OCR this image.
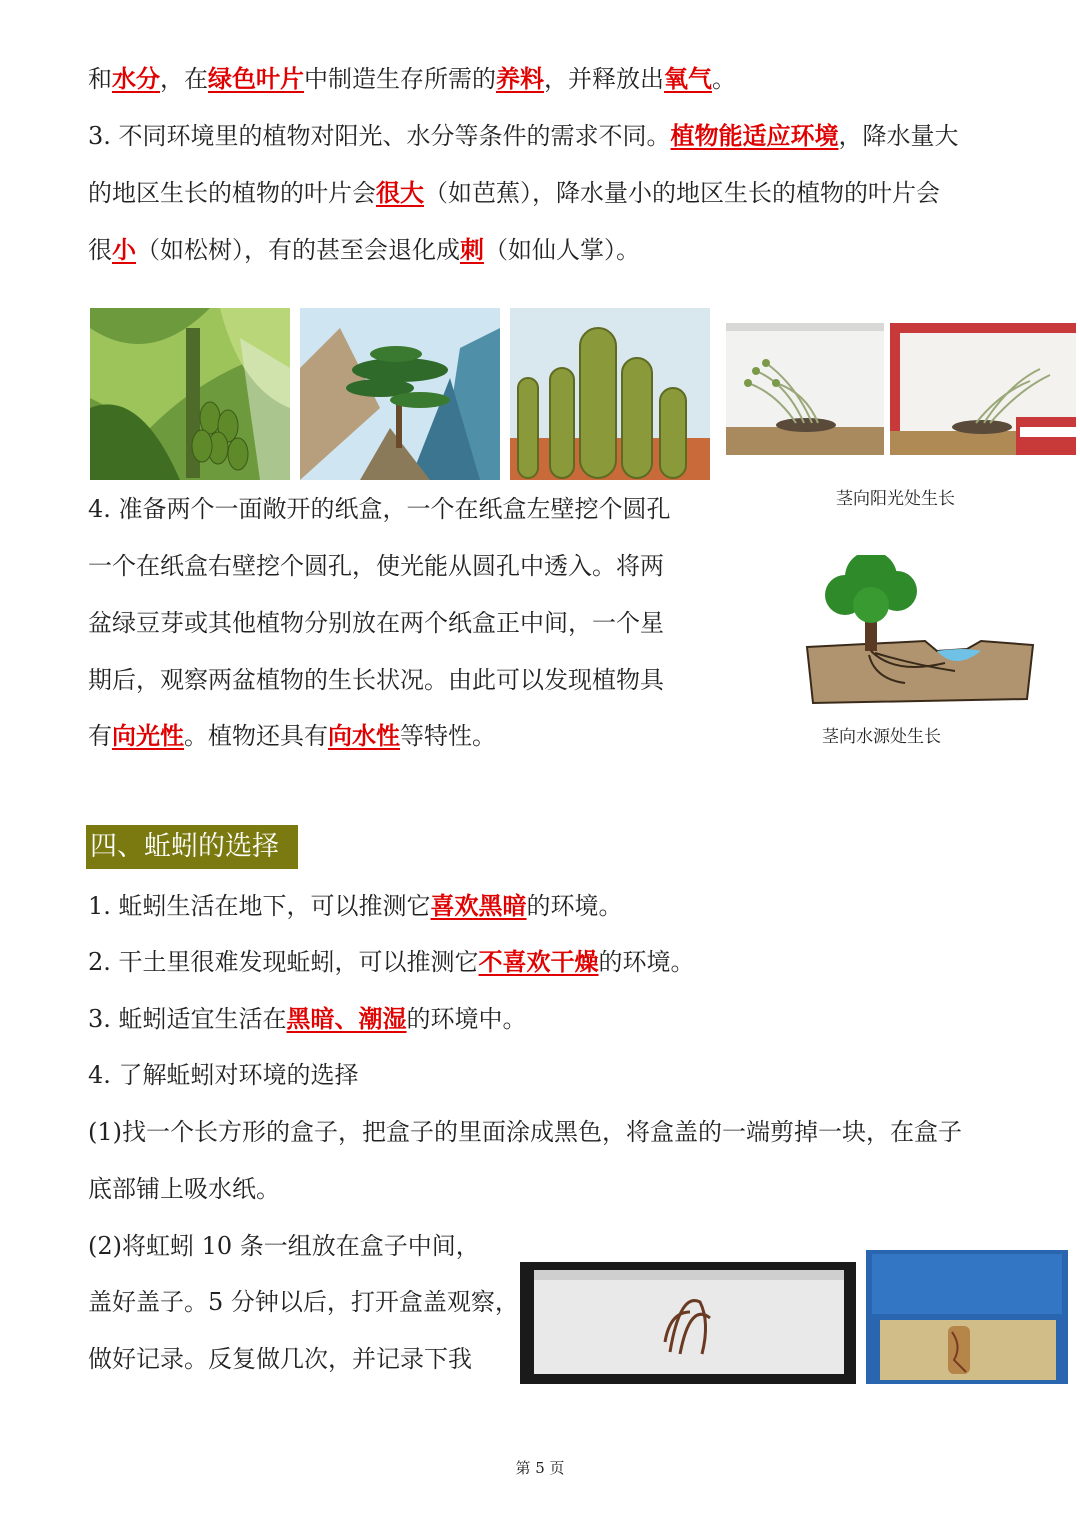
和水分，在绿色叶片中制造生存所需的养料，并释放出氧气。
3. 不同环境里的植物对阳光、水分等条件的需求不同。植物能适应环境，降水量大
的地区生长的植物的叶片会很大（如芭蕉），降水量小的地区生长的植物的叶片会
很小（如松树），有的甚至会退化成刺（如仙人掌）。
茎向阳光处生长
茎向水源处生长
4. 准备两个一面敞开的纸盒，一个在纸盒左壁挖个圆孔
一个在纸盒右壁挖个圆孔，使光能从圆孔中透入。将两
盆绿豆芽或其他植物分别放在两个纸盒正中间，一个星
期后，观察两盆植物的生长状况。由此可以发现植物具
有向光性。植物还具有向水性等特性。
四、蚯蚓的选择
1. 蚯蚓生活在地下，可以推测它喜欢黑暗的环境。
2. 干土里很难发现蚯蚓，可以推测它不喜欢干燥的环境。
3. 蚯蚓适宜生活在黑暗、潮湿的环境中。
4. 了解蚯蚓对环境的选择
(1)找一个长方形的盒子，把盒子的里面涂成黑色，将盒盖的一端剪掉一块，在盒子
底部铺上吸水纸。
(2)将虹蚓 10 条一组放在盒子中间，
盖好盖子。5 分钟以后，打开盒盖观察，
做好记录。反复做几次，并记录下我
第 5 页
